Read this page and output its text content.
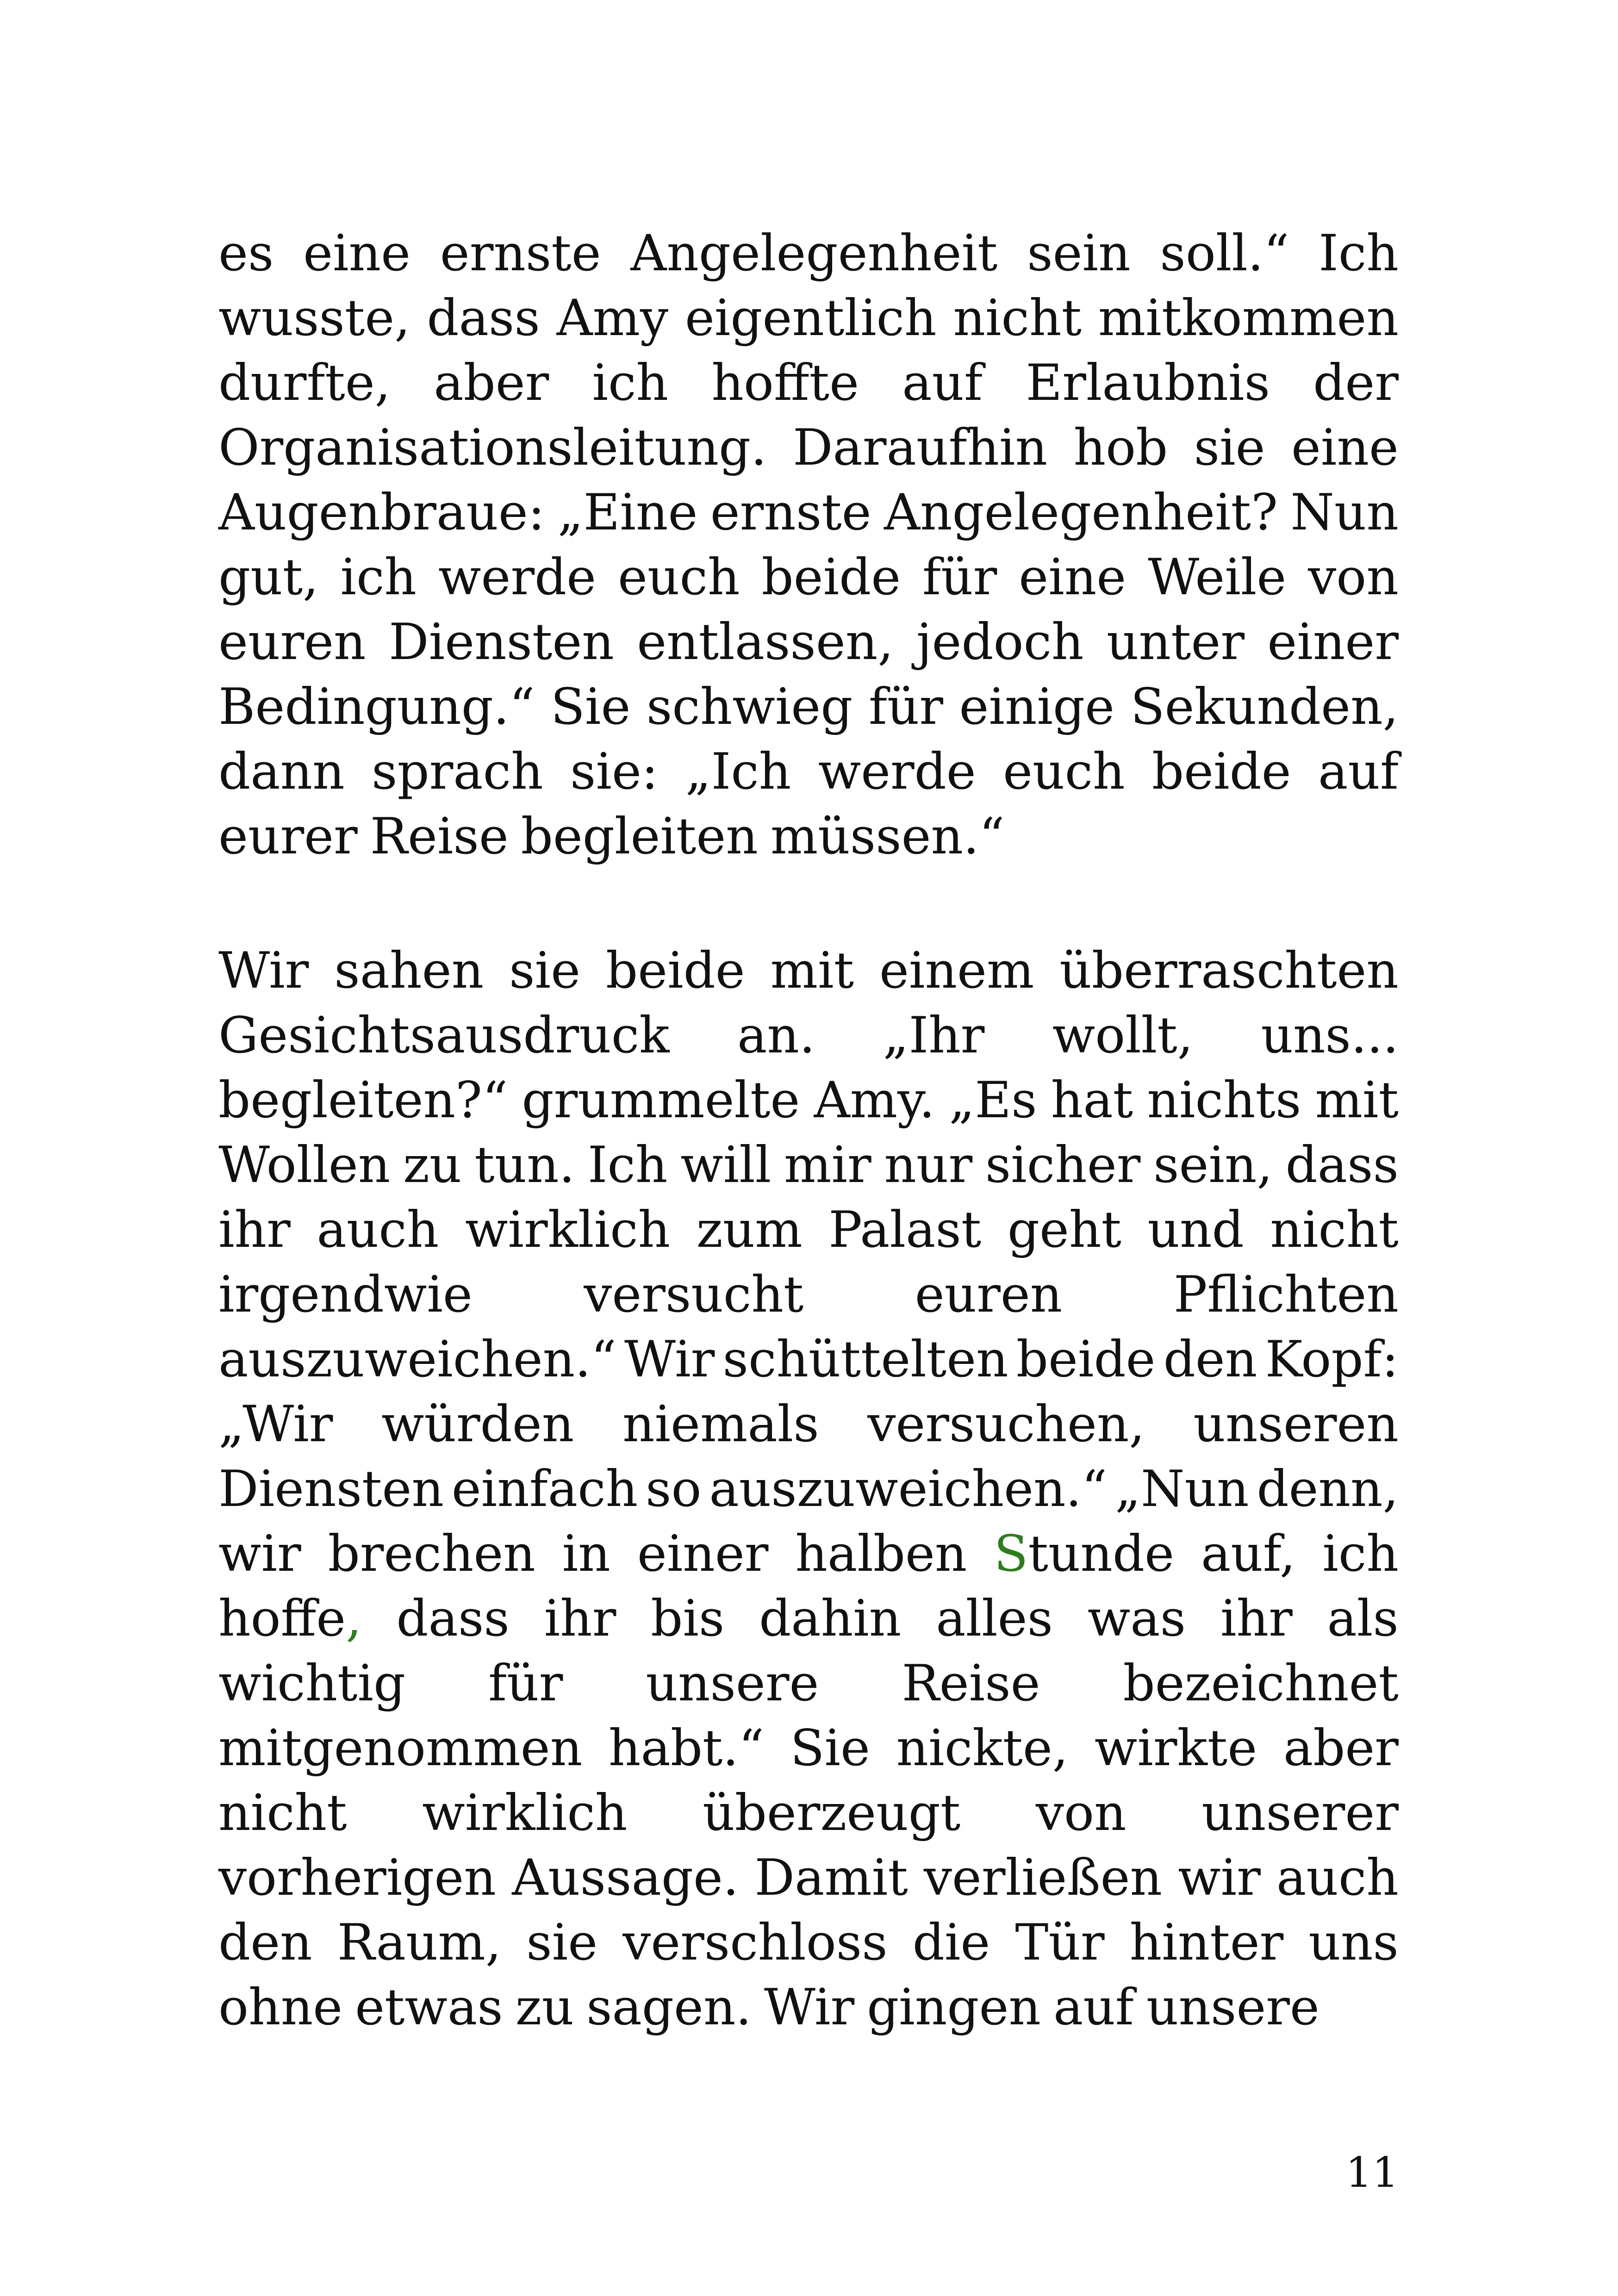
es eine ernste Angelegenheit sein soll.“ Ich
wusste, dass Amy eigentlich nicht mitkommen
durfte, aber ich hoffte auf Erlaubnis der
Organisationsleitung. Daraufhin hob sie eine
Augenbraue: „Eine ernste Angelegenheit? Nun
gut, ich werde euch beide für eine Weile von
euren Diensten entlassen, jedoch unter einer
Bedingung.“ Sie schwieg für einige Sekunden,
dann sprach sie: „Ich werde euch beide auf
eurer Reise begleiten müssen.“
Wir sahen sie beide mit einem überraschten
Gesichtsausdruck an. „Ihr wollt, uns...
begleiten?“ grummelte Amy. „Es hat nichts mit
Wollen zu tun. Ich will mir nur sicher sein, dass
ihr auch wirklich zum Palast geht und nicht
irgendwie versucht euren Pflichten
auszuweichen.“ Wir schüttelten beide den Kopf:
„Wir würden niemals versuchen, unseren
Diensten einfach so auszuweichen.“ „Nun denn,
wir brechen in einer halben Stunde auf, ich
hoffe, dass ihr bis dahin alles was ihr als
wichtig für unsere Reise bezeichnet
mitgenommen habt.“ Sie nickte, wirkte aber
nicht wirklich überzeugt von unserer
vorherigen Aussage. Damit verließen wir auch
den Raum, sie verschloss die Tür hinter uns
ohne etwas zu sagen. Wir gingen auf unsere
11
